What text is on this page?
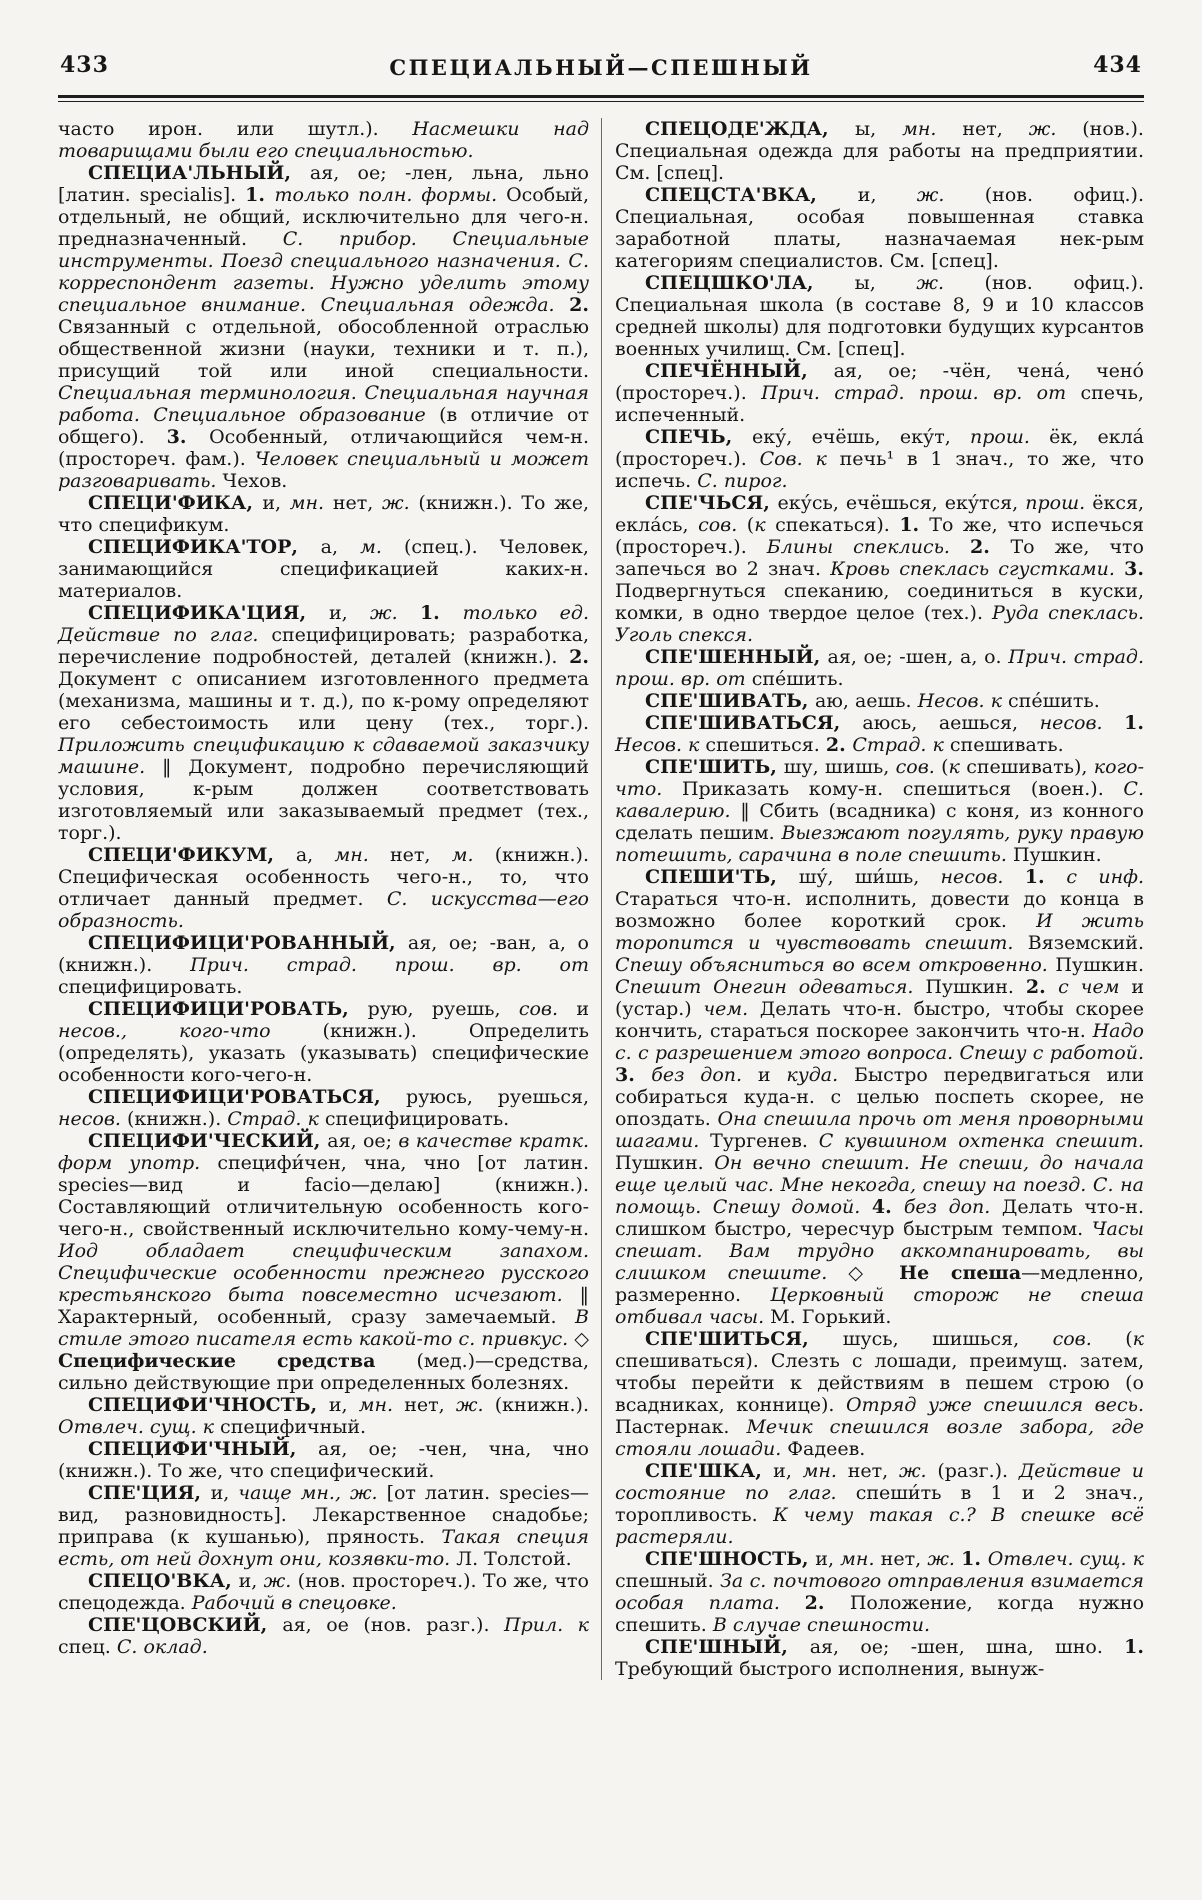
433	СПЕЦИАЛЬНЫЙ—СПЕШНЫЙ	434

часто ирон. или шутл.). Насмешки над товарищами были его специальностью.

СПЕЦИА'ЛЬНЫЙ, ая, ое; -лен, льна, льно [латин. specialis]. 1. только полн. формы. Особый, отдельный, не общий, исключительно для чего-н. предназначенный. С. прибор. Специальные инструменты. Поезд специального назначения. С. корреспондент газеты. Нужно уделить этому специальное внимание. Специальная одежда. 2. Связанный с отдельной, обособленной отраслью общественной жизни (науки, техники и т. п.), присущий той или иной специальности. Специальная терминология. Специальная научная работа. Специальное образование (в отличие от общего). 3. Особенный, отличающийся чем-н. (простореч. фам.). Человек специальный и может разговаривать. Чехов.

СПЕЦИ'ФИКА, и, мн. нет, ж. (книжн.). То же, что спецификум.

СПЕЦИФИКА'ТОР, а, м. (спец.). Человек, занимающийся спецификацией каких-н. материалов.

СПЕЦИФИКА'ЦИЯ, и, ж. 1. только ед. Действие по глаг. специфицировать; разработка, перечисление подробностей, деталей (книжн.). 2. Документ с описанием изготовленного предмета (механизма, машины и т. д.), по к-рому определяют его себестоимость или цену (тех., торг.). Приложить спецификацию к сдаваемой заказчику машине. ‖ Документ, подробно перечисляющий условия, к-рым должен соответствовать изготовляемый или заказываемый предмет (тех., торг.).

СПЕЦИ'ФИКУМ, а, мн. нет, м. (книжн.). Специфическая особенность чего-н., то, что отличает данный предмет. С. искусства—его образность.

СПЕЦИФИЦИ'РОВАННЫЙ, ая, ое; -ван, а, о (книжн.). Прич. страд. прош. вр. от специфицировать.

СПЕЦИФИЦИ'РОВАТЬ, рую, руешь, сов. и несов., кого-что (книжн.). Определить (определять), указать (указывать) специфические особенности кого-чего-н.

СПЕЦИФИЦИ'РОВАТЬСЯ, руюсь, руешься, несов. (книжн.). Страд. к специфицировать.

СПЕЦИФИ'ЧЕСКИЙ, ая, ое; в качестве кратк. форм употр. специфи́чен, чна, чно [от латин. species—вид и facio—делаю] (книжн.). Составляющий отличительную особенность кого-чего-н., свойственный исключительно кому-чему-н. Иод обладает специфическим запахом. Специфические особенности прежнего русского крестьянского быта повсеместно исчезают. ‖ Характерный, особенный, сразу замечаемый. В стиле этого писателя есть какой-то с. привкус. ◇ Специфические средства (мед.)—средства, сильно действующие при определенных болезнях.

СПЕЦИФИ'ЧНОСТЬ, и, мн. нет, ж. (книжн.). Отвлеч. сущ. к специфичный.

СПЕЦИФИ'ЧНЫЙ, ая, ое; -чен, чна, чно (книжн.). То же, что специфический.

СПЕ'ЦИЯ, и, чаще мн., ж. [от латин. species—вид, разновидность]. Лекарственное снадобье; приправа (к кушанью), пряность. Такая специя есть, от ней дохнут они, козявки-то. Л. Толстой.

СПЕЦО'ВКА, и, ж. (нов. простореч.). То же, что спецодежда. Рабочий в спецовке.

СПЕ'ЦОВСКИЙ, ая, ое (нов. разг.). Прил. к спец. С. оклад.

СПЕЦОДЕ'ЖДА, ы, мн. нет, ж. (нов.). Специальная одежда для работы на предприятии. См. [спец].

СПЕЦСТА'ВКА, и, ж. (нов. офиц.). Специальная, особая повышенная ставка заработной платы, назначаемая нек-рым категориям специалистов. См. [спец].

СПЕЦШКО'ЛА, ы, ж. (нов. офиц.). Специальная школа (в составе 8, 9 и 10 классов средней школы) для подготовки будущих курсантов военных училищ. См. [спец].

СПЕЧЁННЫЙ, ая, ое; -чён, чена́, чено́ (простореч.). Прич. страд. прош. вр. от спечь, испеченный.

СПЕЧЬ, еку́, ечёшь, еку́т, прош. ёк, екла́ (простореч.). Сов. к печь¹ в 1 знач., то же, что испечь. С. пирог.

СПЕ'ЧЬСЯ, еку́сь, ечёшься, еку́тся, прош. ёкся, екла́сь, сов. (к спекаться). 1. То же, что испечься (простореч.). Блины спеклись. 2. То же, что запечься во 2 знач. Кровь спеклась сгустками. 3. Подвергнуться спеканию, соединиться в куски, комки, в одно твердое целое (тех.). Руда спеклась. Уголь спекся.

СПЕ'ШЕННЫЙ, ая, ое; -шен, а, о. Прич. страд. прош. вр. от спе́шить.

СПЕ'ШИВАТЬ, аю, аешь. Несов. к спе́шить.

СПЕ'ШИВАТЬСЯ, аюсь, аешься, несов. 1. Несов. к спешиться. 2. Страд. к спешивать.

СПЕ'ШИТЬ, шу, шишь, сов. (к спешивать), кого-что. Приказать кому-н. спешиться (воен.). С. кавалерию. ‖ Сбить (всадника) с коня, из конного сделать пешим. Выезжают погулять, руку правую потешить, сарачина в поле спешить. Пушкин.

СПЕШИ'ТЬ, шу́, ши́шь, несов. 1. с инф. Стараться что-н. исполнить, довести до конца в возможно более короткий срок. И жить торопится и чувствовать спешит. Вяземский. Спешу объясниться во всем откровенно. Пушкин. Спешит Онегин одеваться. Пушкин. 2. с чем и (устар.) чем. Делать что-н. быстро, чтобы скорее кончить, стараться поскорее закончить что-н. Надо с. с разрешением этого вопроса. Спешу с работой. 3. без доп. и куда. Быстро передвигаться или собираться куда-н. с целью поспеть скорее, не опоздать. Она спешила прочь от меня проворными шагами. Тургенев. С кувшином охтенка спешит. Пушкин. Он вечно спешит. Не спеши, до начала еще целый час. Мне некогда, спешу на поезд. С. на помощь. Спешу домой. 4. без доп. Делать что-н. слишком быстро, чересчур быстрым темпом. Часы спешат. Вам трудно аккомпанировать, вы слишком спешите. ◇ Не спеша—медленно, размеренно. Церковный сторож не спеша отбивал часы. М. Горький.

СПЕ'ШИТЬСЯ, шусь, шишься, сов. (к спешиваться). Слезть с лошади, преимущ. затем, чтобы перейти к действиям в пешем строю (о всадниках, коннице). Отряд уже спешился весь. Пастернак. Мечик спешился возле забора, где стояли лошади. Фадеев.

СПЕ'ШКА, и, мн. нет, ж. (разг.). Действие и состояние по глаг. спеши́ть в 1 и 2 знач., торопливость. К чему такая с.? В спешке всё растеряли.

СПЕ'ШНОСТЬ, и, мн. нет, ж. 1. Отвлеч. сущ. к спешный. За с. почтового отправления взимается особая плата. 2. Положение, когда нужно спешить. В случае спешности.

СПЕ'ШНЫЙ, ая, ое; -шен, шна, шно. 1. Требующий быстрого исполнения, вынуж-
